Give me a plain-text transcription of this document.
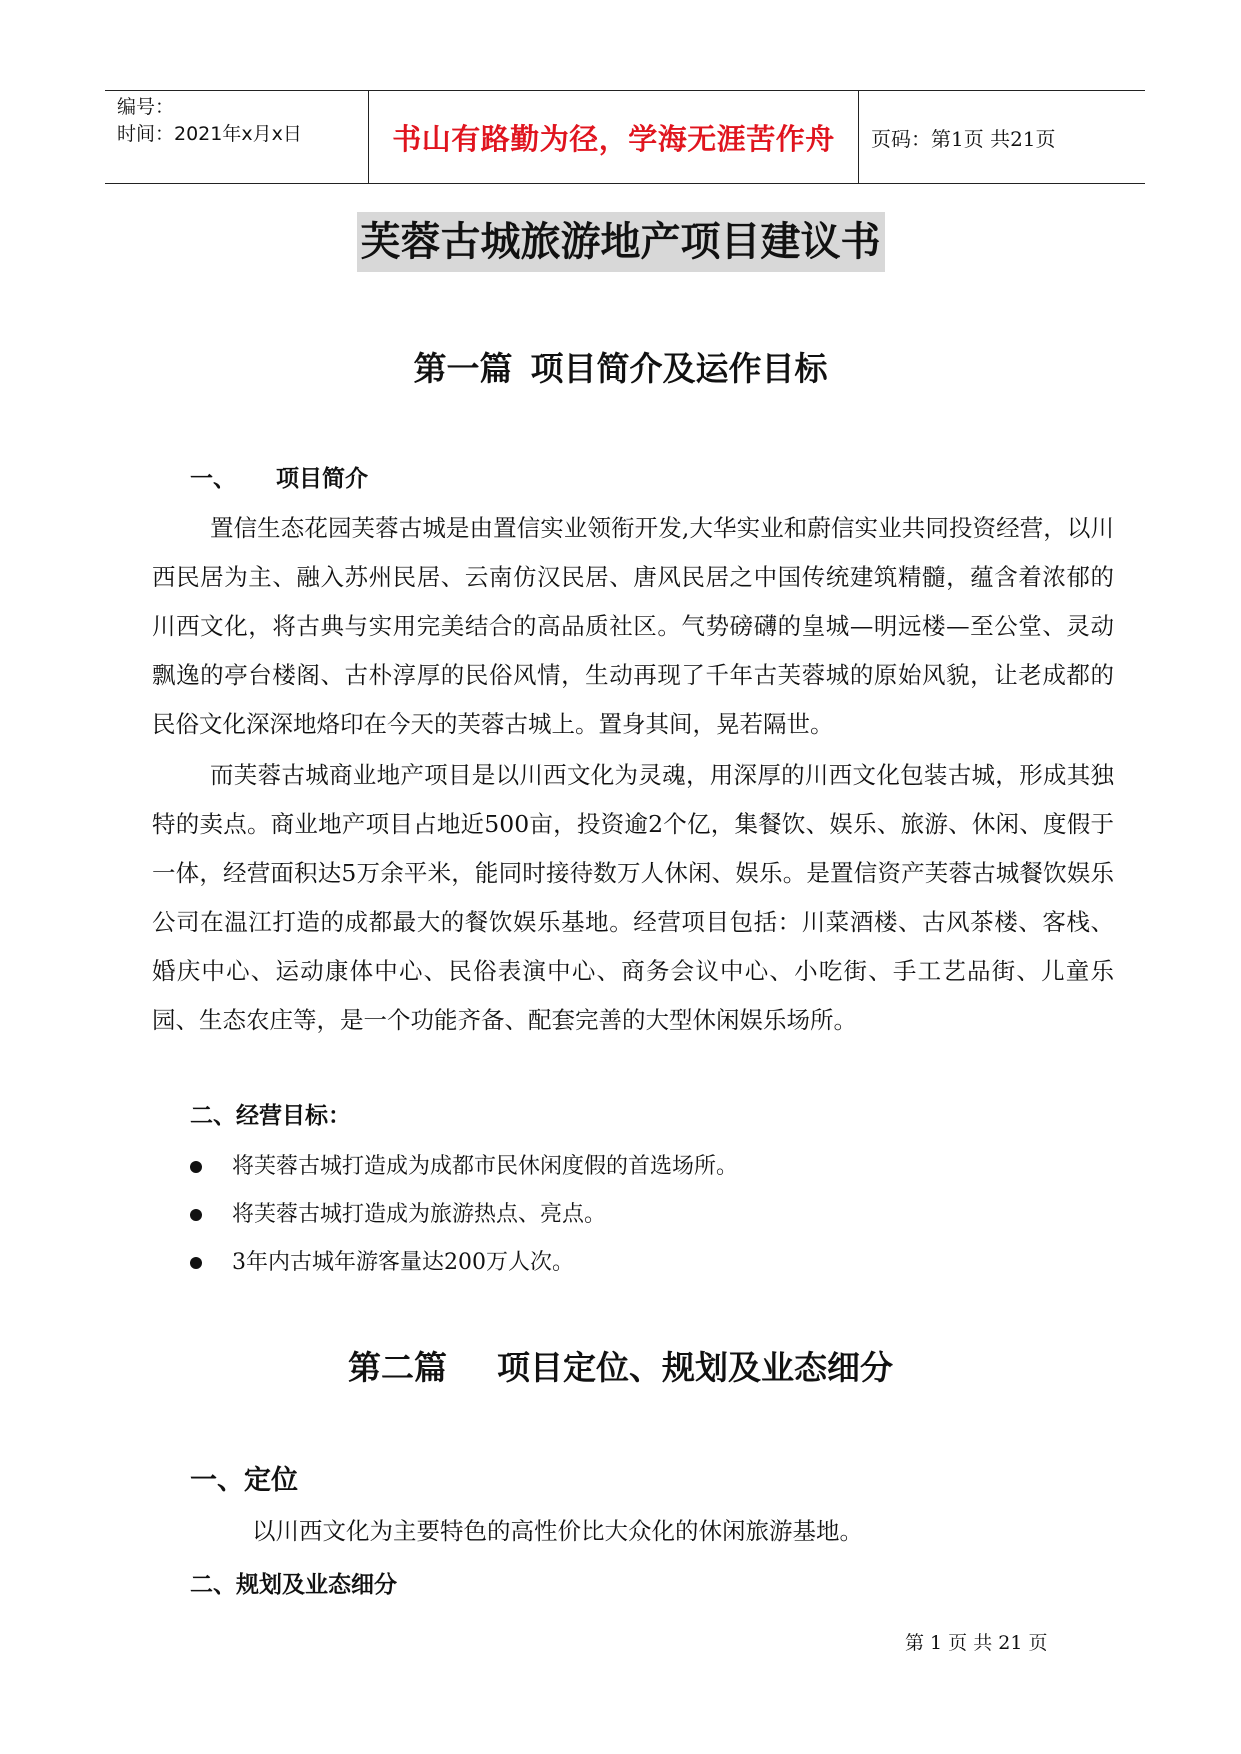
编号：
时间：2021年x月x日	书山有路勤为径，学海无涯苦作舟	页码：第1页 共21页
芙蓉古城旅游地产项目建议书
第一篇 项目简介及运作目标
一、 项目简介

置信生态花园芙蓉古城是由置信实业领衔开发,大华实业和蔚信实业共同投资经营，以川西民居为主、融入苏州民居、云南仿汉民居、唐风民居之中国传统建筑精髓，蕴含着浓郁的川西文化，将古典与实用完美结合的高品质社区。气势磅礴的皇城—明远楼—至公堂、灵动飘逸的亭台楼阁、古朴淳厚的民俗风情，生动再现了千年古芙蓉城的原始风貌，让老成都的民俗文化深深地烙印在今天的芙蓉古城上。置身其间，晃若隔世。

而芙蓉古城商业地产项目是以川西文化为灵魂，用深厚的川西文化包装古城，形成其独特的卖点。商业地产项目占地近500亩，投资逾2个亿，集餐饮、娱乐、旅游、休闲、度假于一体，经营面积达5万余平米，能同时接待数万人休闲、娱乐。是置信资产芙蓉古城餐饮娱乐公司在温江打造的成都最大的餐饮娱乐基地。经营项目包括：川菜酒楼、古风茶楼、客栈、婚庆中心、运动康体中心、民俗表演中心、商务会议中心、小吃街、手工艺品街、儿童乐园、生态农庄等，是一个功能齐备、配套完善的大型休闲娱乐场所。

二、经营目标：
将芙蓉古城打造成为成都市民休闲度假的首选场所。
将芙蓉古城打造成为旅游热点、亮点。
3年内古城年游客量达200万人次。
第二篇 项目定位、规划及业态细分
一、定位
以川西文化为主要特色的高性价比大众化的休闲旅游基地。
二、规划及业态细分
第 1 页 共 21 页
